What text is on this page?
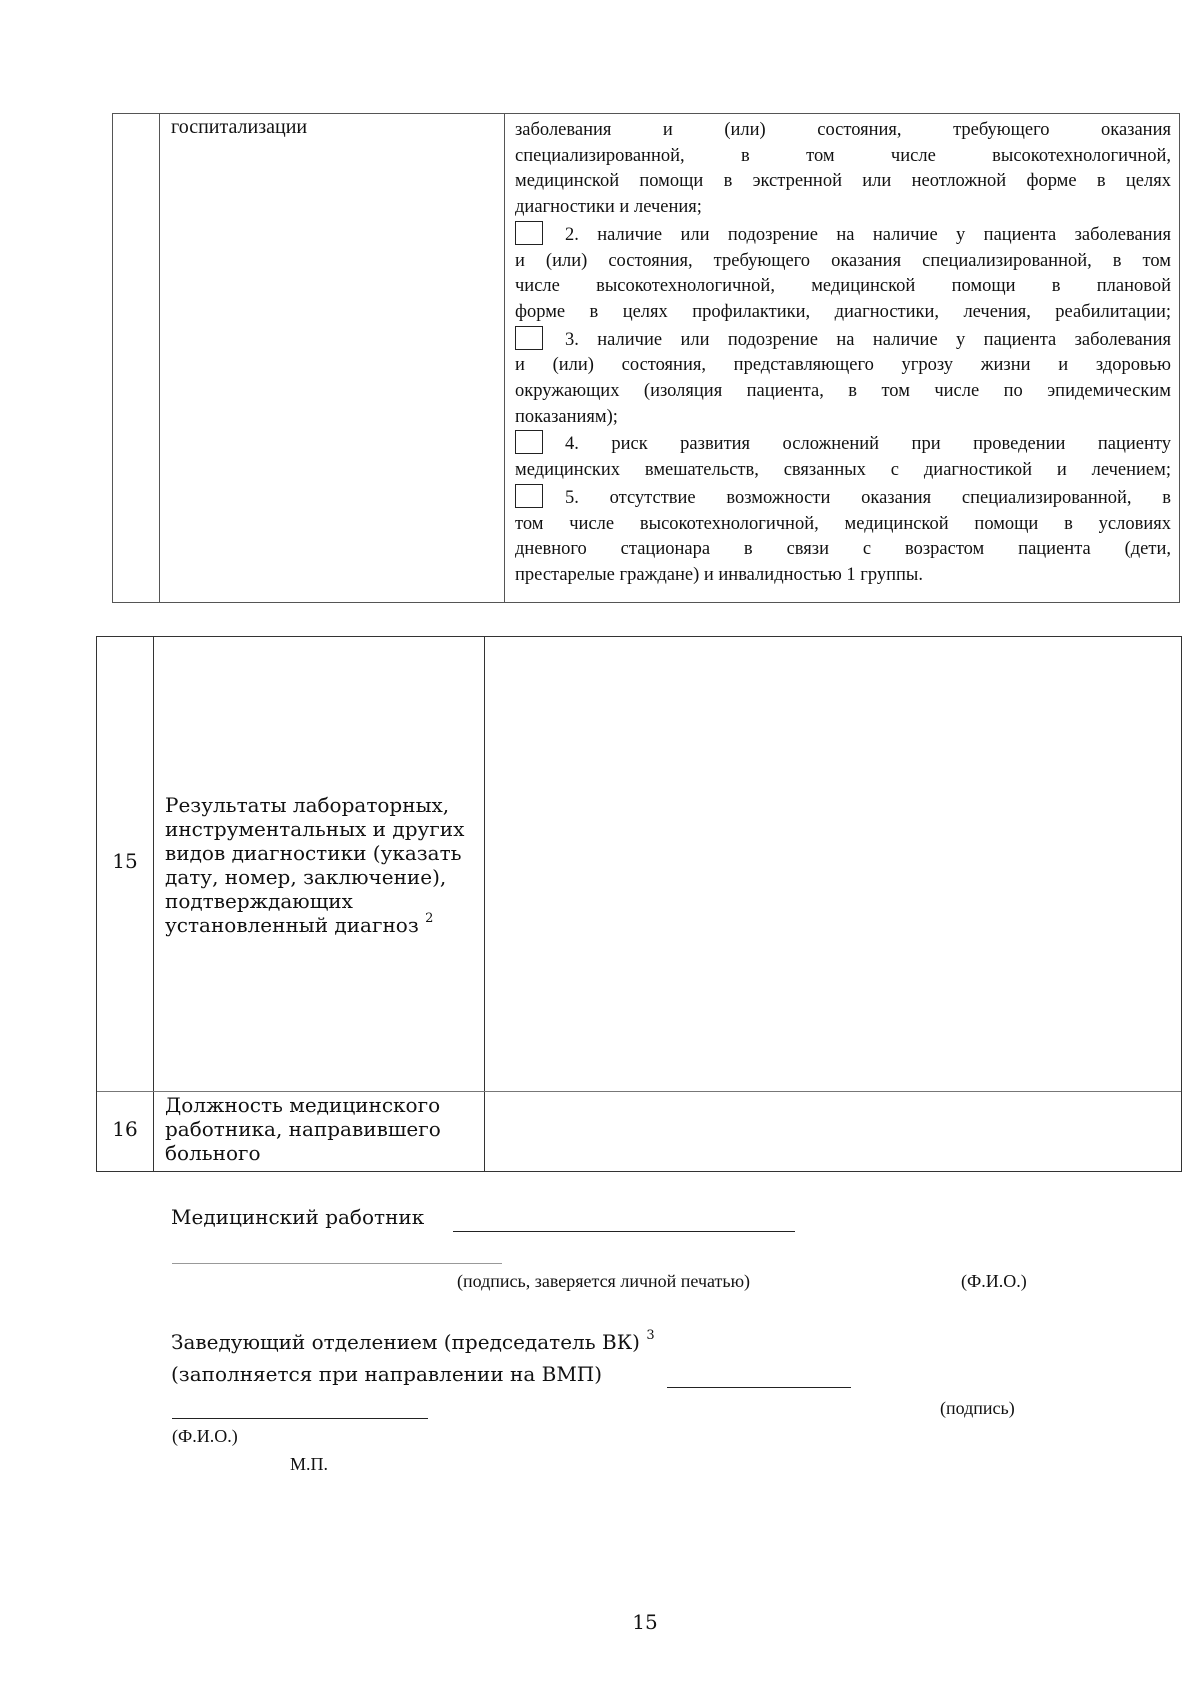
госпитализации	заболевания и (или) состояния, требующего оказания

специализированной, в том числе высокотехнологичной,

медицинской помощи в экстренной или неотложной форме в целях

диагностики и лечения;

2. наличие или подозрение на наличие у пациента заболевания

и (или) состояния, требующего оказания специализированной, в том

числе высокотехнологичной, медицинской помощи в плановой

форме в целях профилактики, диагностики, лечения, реабилитации;

3. наличие или подозрение на наличие у пациента заболевания

и (или) состояния, представляющего угрозу жизни и здоровью

окружающих (изоляция пациента, в том числе по эпидемическим

показаниям);

4. риск развития осложнений при проведении пациенту

медицинских вмешательств, связанных с диагностикой и лечением;

5. отсутствие возможности оказания специализированной, в

том числе высокотехнологичной, медицинской помощи в условиях

дневного стационара в связи с возрастом пациента (дети,

престарелые граждане) и инвалидностью 1 группы.

15

Результаты лабораторных,

инструментальных и других

видов диагностики (указать

дату, номер, заключение),

подтверждающих

установленный диагноз $^2$

16

Должность медицинского

работника, направившего

больного

Медицинский работник
(подпись, заверяется личной печатью)	(Ф.И.О.)
Заведующий отделением (председатель ВК) $^3$
(заполняется при направлении на ВМП)
(подпись)
(Ф.И.О.)
М.П.
15
